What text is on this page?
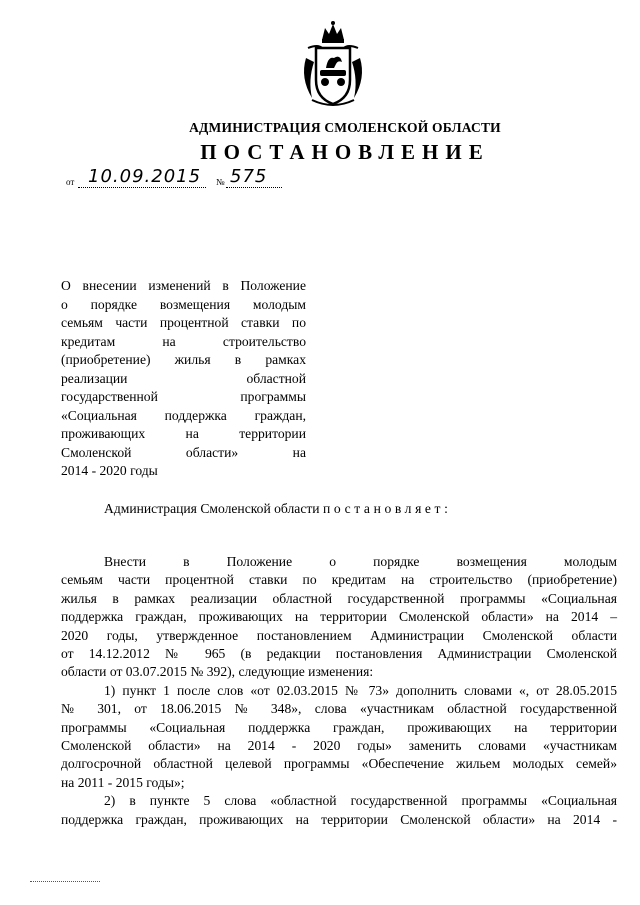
АДМИНИСТРАЦИЯ СМОЛЕНСКОЙ ОБЛАСТИ
ПОСТАНОВЛЕНИЕ
от 10.09.2015 № 575
О внесении изменений в Положение
о порядке возмещения молодым
семьям части процентной ставки по
кредитам на строительство
(приобретение) жилья в рамках
реализации областной
государственной программы
«Социальная поддержка граждан,
проживающих на территории
Смоленской области» на
2014 - 2020 годы
Администрация Смоленской области постановляет:
Внести в Положение о порядке возмещения молодым
семьям части процентной ставки по кредитам на строительство (приобретение)
жилья в рамках реализации областной государственной программы «Социальная
поддержка граждан, проживающих на территории Смоленской области» на 2014 –
2020 годы, утвержденное постановлением Администрации Смоленской области
от 14.12.2012 № 965 (в редакции постановления Администрации Смоленской
области от 03.07.2015 № 392), следующие изменения:
1) пункт 1 после слов «от 02.03.2015 № 73» дополнить словами «, от 28.05.2015
№ 301, от 18.06.2015 № 348», слова «участникам областной государственной
программы «Социальная поддержка граждан, проживающих на территории
Смоленской области» на 2014 - 2020 годы» заменить словами «участникам
долгосрочной областной целевой программы «Обеспечение жильем молодых семей»
на 2011 - 2015 годы»;
2) в пункте 5 слова «областной государственной программы «Социальная
поддержка граждан, проживающих на территории Смоленской области» на 2014 -
